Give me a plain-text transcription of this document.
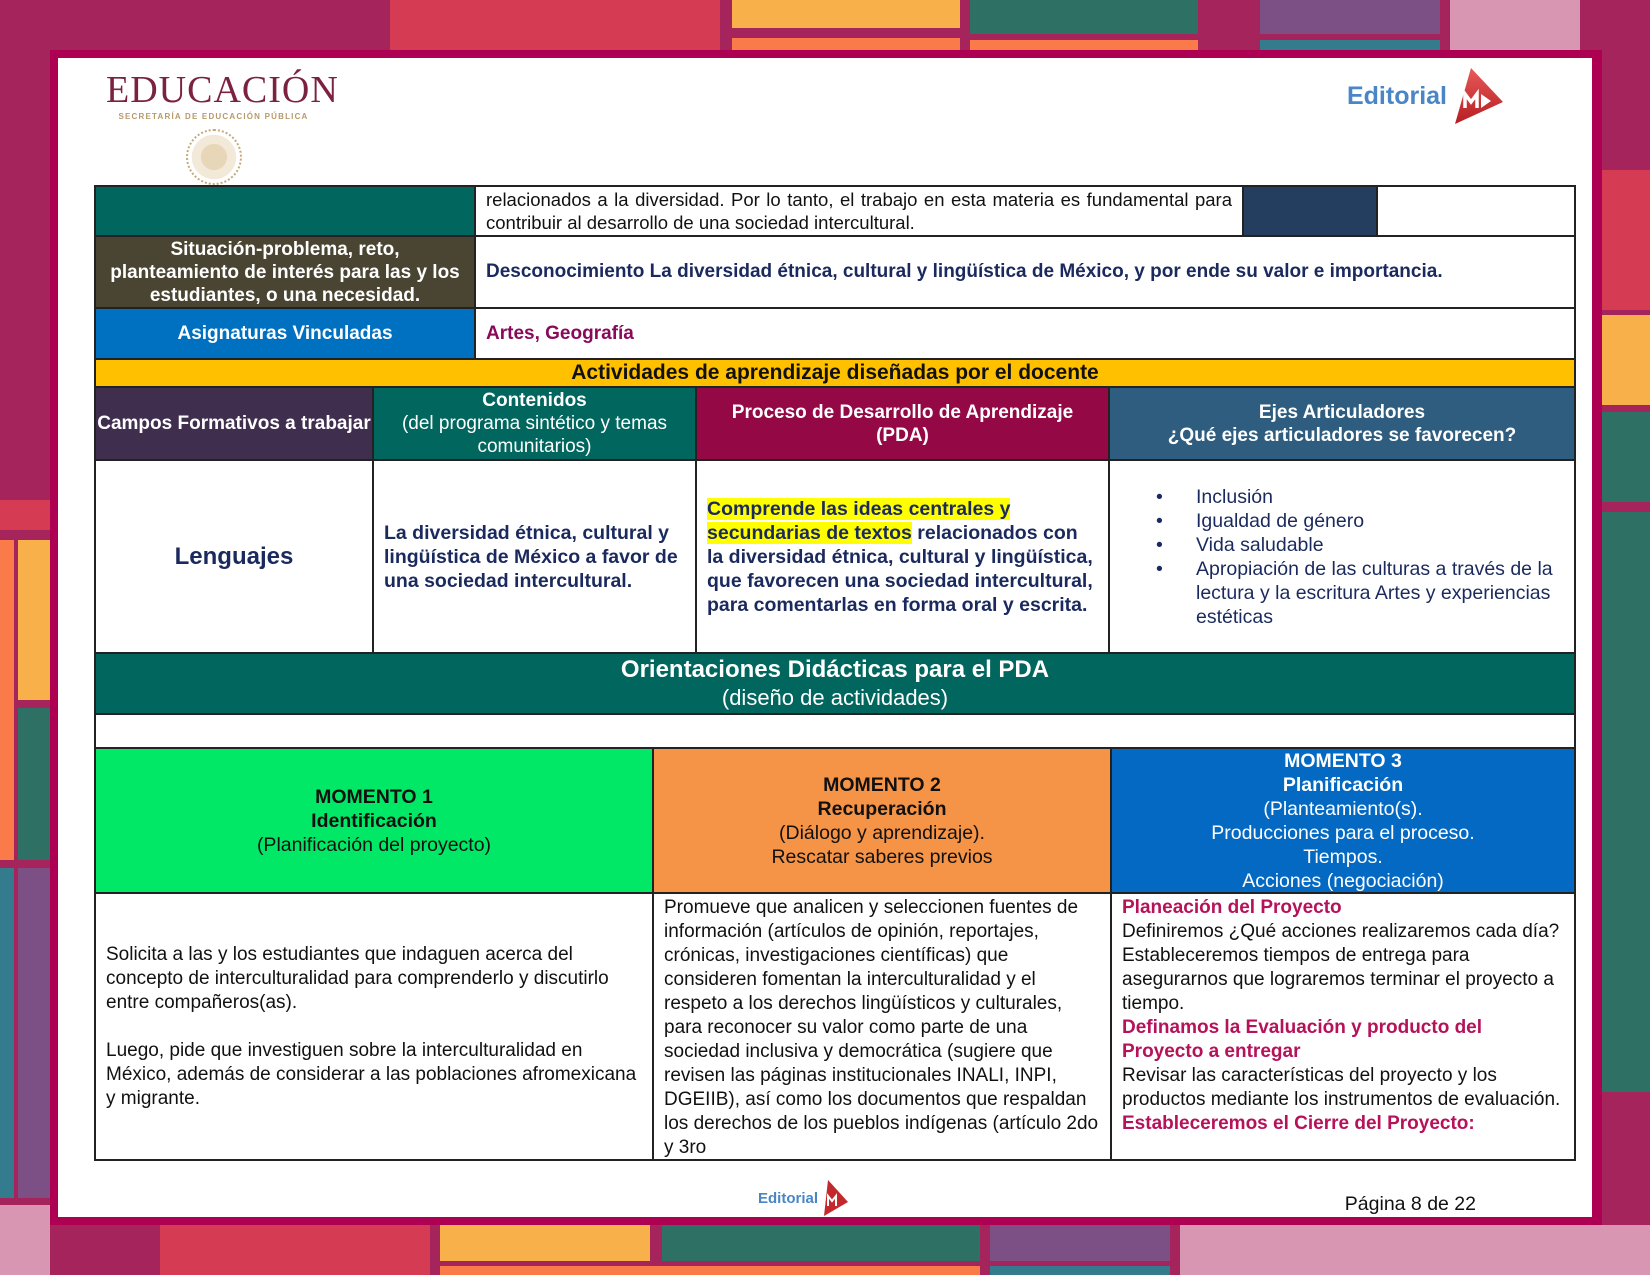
EDUCACIÓN
SECRETARÍA DE EDUCACIÓN PÚBLICA
Editorial

relacionados a la diversidad. Por lo tanto, el trabajo en esta materia es fundamental para contribuir al desarrollo de una sociedad intercultural.

Situación-problema, reto, planteamiento de interés para las y los estudiantes, o una necesidad.
Desconocimiento La diversidad étnica, cultural y lingüística de México, y por ende su valor e importancia.
Asignaturas Vinculadas	Artes, Geografía
Actividades de aprendizaje diseñadas por el docente
Campos Formativos a trabajar
Contenidos
(del programa sintético y temas comunitarios)
Proceso de Desarrollo de Aprendizaje (PDA)
Ejes Articuladores
¿Qué ejes articuladores se favorecen?
Lenguajes
La diversidad étnica, cultural y lingüística de México a favor de una sociedad intercultural.

Comprende las ideas centrales y secundarias de textos relacionados con la diversidad étnica, cultural y lingüística, que favorecen una sociedad intercultural, para comentarlas en forma oral y escrita.

• Inclusión
• Igualdad de género
• Vida saludable
• Apropiación de las culturas a través de la lectura y la escritura Artes y experiencias estéticas
Orientaciones Didácticas para el PDA
(diseño de actividades)
MOMENTO 1
Identificación
(Planificación del proyecto)
MOMENTO 2
Recuperación
(Diálogo y aprendizaje).
Rescatar saberes previos
MOMENTO 3
Planificación
(Planteamiento(s).
Producciones para el proceso.
Tiempos.
Acciones (negociación)

Solicita a las y los estudiantes que indaguen acerca del concepto de interculturalidad para comprenderlo y discutirlo entre compañeros(as).

Luego, pide que investiguen sobre la interculturalidad en México, además de considerar a las poblaciones afromexicana y migrante.

Promueve que analicen y seleccionen fuentes de información (artículos de opinión, reportajes, crónicas, investigaciones científicas) que consideren fomentan la interculturalidad y el respeto a los derechos lingüísticos y culturales, para reconocer su valor como parte de una sociedad inclusiva y democrática (sugiere que revisen las páginas institucionales INALI, INPI, DGEIIB), así como los documentos que respaldan los derechos de los pueblos indígenas (artículo 2do y 3ro

Planeación del Proyecto

Definiremos ¿Qué acciones realizaremos cada día? Estableceremos tiempos de entrega para asegurarnos que lograremos terminar el proyecto a tiempo.

Definamos la Evaluación y producto del Proyecto a entregar

Revisar las características del proyecto y los productos mediante los instrumentos de evaluación.

Estableceremos el Cierre del Proyecto:

Editorial	Página 8 de 22
